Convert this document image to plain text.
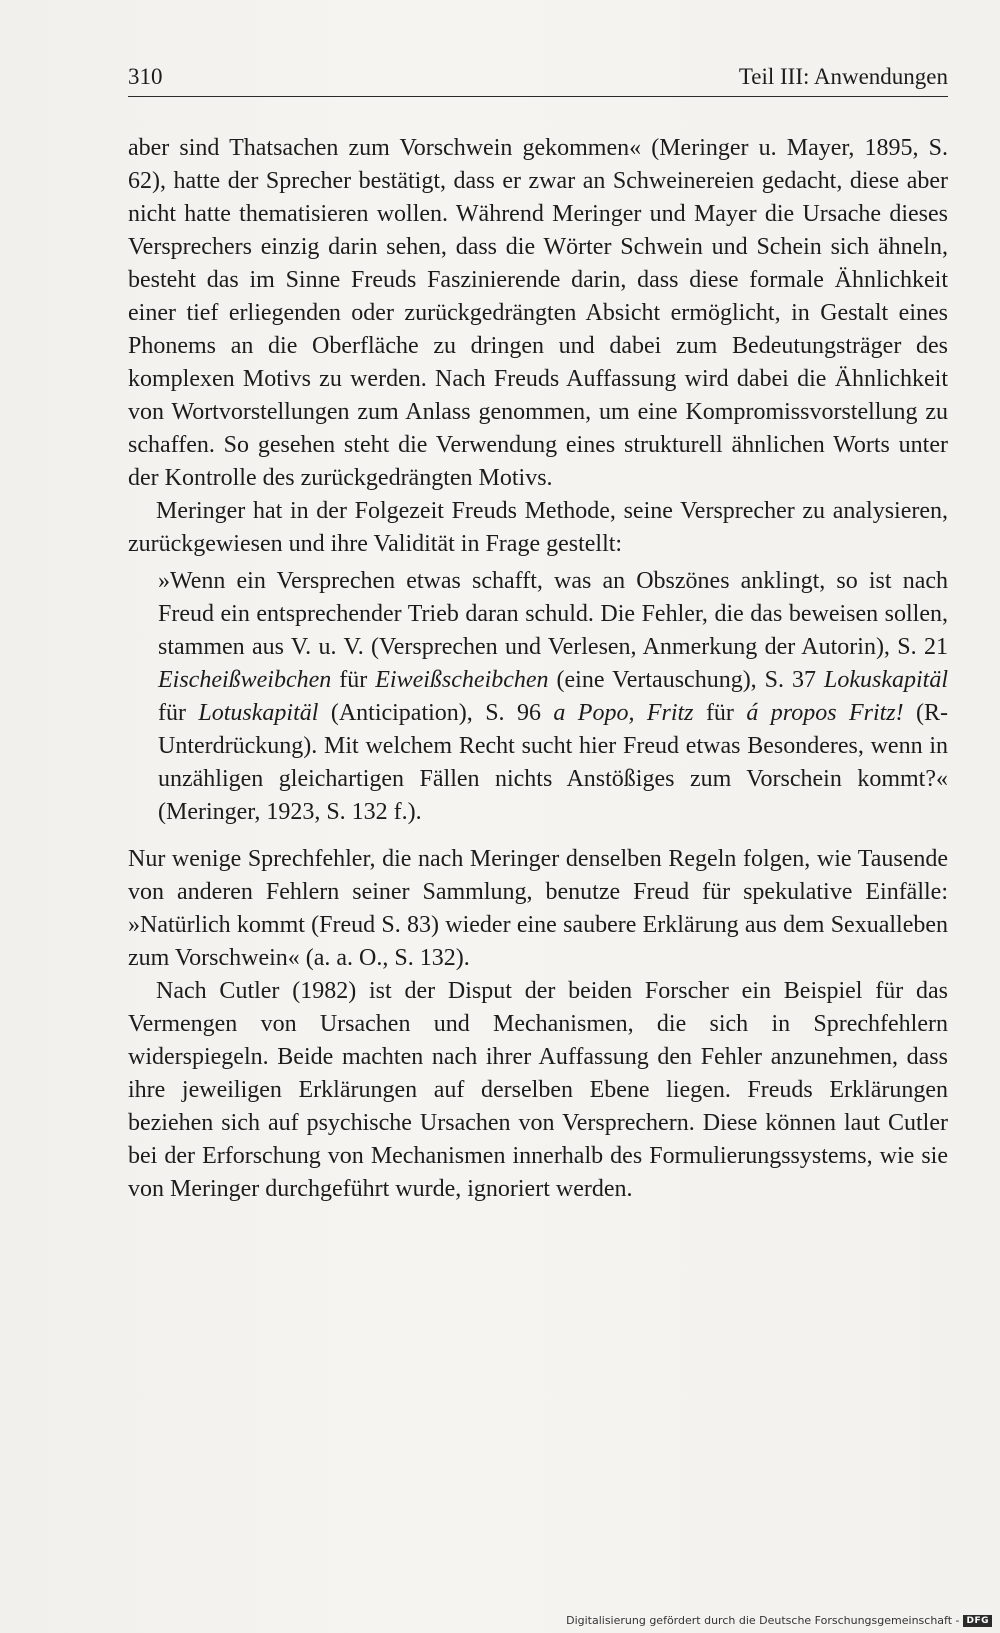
310	Teil III: Anwendungen

aber sind Thatsachen zum Vorschwein gekommen« (Meringer u. Mayer, 1895, S. 62), hatte der Sprecher bestätigt, dass er zwar an Schweinereien gedacht, diese aber nicht hatte thematisieren wollen. Während Meringer und Mayer die Ursache dieses Versprechers einzig darin sehen, dass die Wörter Schwein und Schein sich ähneln, besteht das im Sinne Freuds Faszinierende darin, dass diese formale Ähnlichkeit einer tief erliegenden oder zurückgedrängten Absicht ermöglicht, in Gestalt eines Phonems an die Oberfläche zu dringen und dabei zum Bedeutungsträger des komplexen Motivs zu werden. Nach Freuds Auffassung wird dabei die Ähnlichkeit von Wortvorstellungen zum Anlass genommen, um eine Kompromissvorstellung zu schaffen. So gesehen steht die Verwendung eines strukturell ähnlichen Worts unter der Kontrolle des zurückgedrängten Motivs.

Meringer hat in der Folgezeit Freuds Methode, seine Versprecher zu analysieren, zurückgewiesen und ihre Validität in Frage gestellt:

»Wenn ein Versprechen etwas schafft, was an Obszönes anklingt, so ist nach Freud ein entsprechender Trieb daran schuld. Die Fehler, die das beweisen sollen, stammen aus V. u. V. (Versprechen und Verlesen, Anmerkung der Autorin), S. 21 Eischeißweibchen für Eiweißscheibchen (eine Vertauschung), S. 37 Lokuskapitäl für Lotuskapitäl (Anticipation), S. 96 a Popo, Fritz für á propos Fritz! (R-Unterdrückung). Mit welchem Recht sucht hier Freud etwas Besonderes, wenn in unzähligen gleichartigen Fällen nichts Anstößiges zum Vorschein kommt?« (Meringer, 1923, S. 132 f.).

Nur wenige Sprechfehler, die nach Meringer denselben Regeln folgen, wie Tausende von anderen Fehlern seiner Sammlung, benutze Freud für spekulative Einfälle: »Natürlich kommt (Freud S. 83) wieder eine saubere Erklärung aus dem Sexualleben zum Vorschwein« (a. a. O., S. 132).

Nach Cutler (1982) ist der Disput der beiden Forscher ein Beispiel für das Vermengen von Ursachen und Mechanismen, die sich in Sprechfehlern widerspiegeln. Beide machten nach ihrer Auffassung den Fehler anzunehmen, dass ihre jeweiligen Erklärungen auf derselben Ebene liegen. Freuds Erklärungen beziehen sich auf psychische Ursachen von Versprechern. Diese können laut Cutler bei der Erforschung von Mechanismen innerhalb des Formulierungssystems, wie sie von Meringer durchgeführt wurde, ignoriert werden.

Digitalisierung gefördert durch die Deutsche Forschungsgemeinschaft - DFG
